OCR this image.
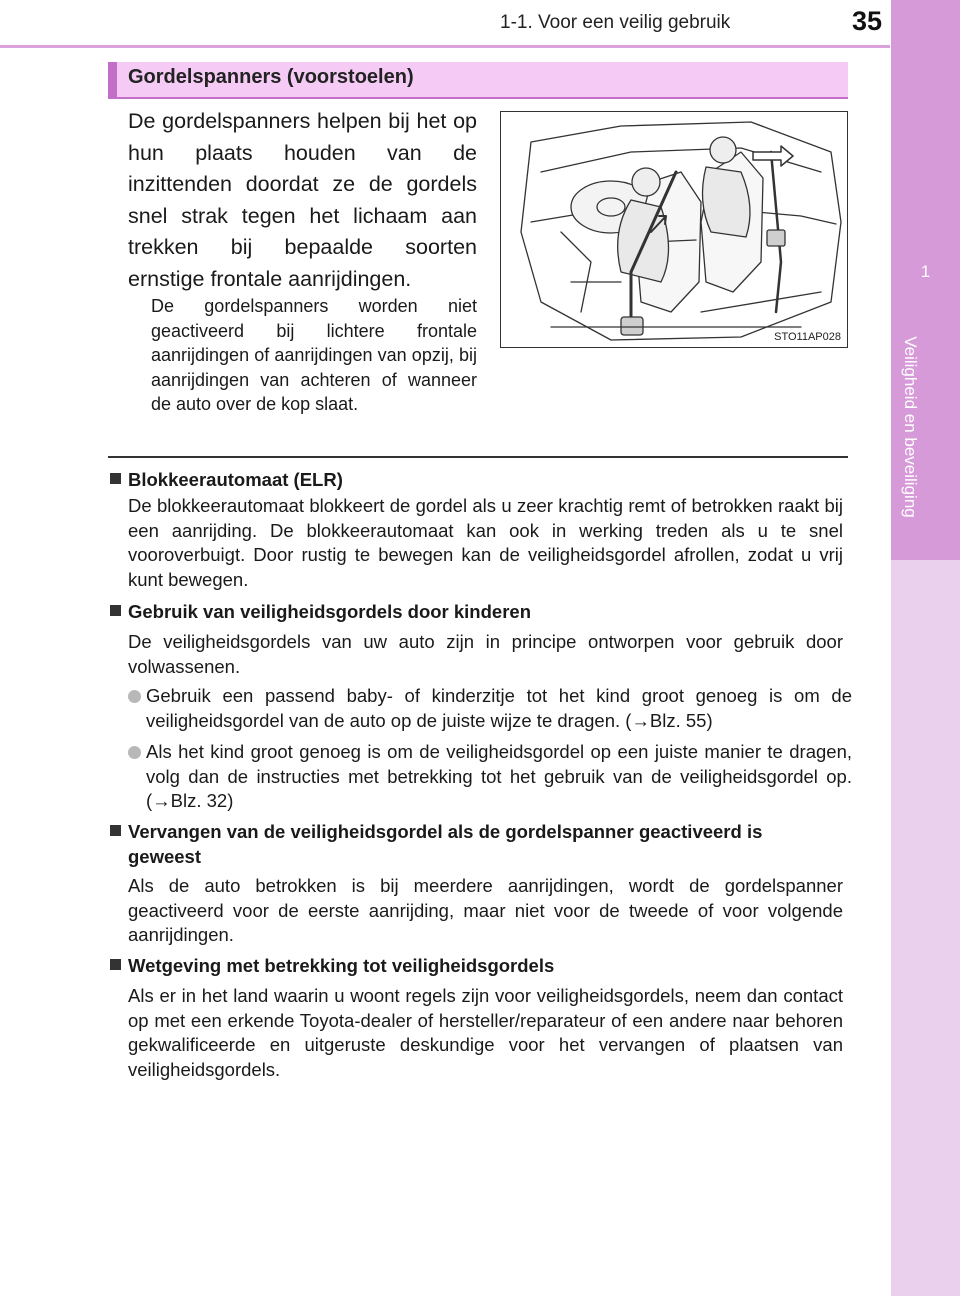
1-1. Voor een veilig gebruik	35
1
Veiligheid en beveiliging
Gordelspanners (voorstoelen)
De gordelspanners helpen bij het op hun plaats houden van de inzittenden doordat ze de gordels snel strak tegen het lichaam aan trekken bij bepaalde soorten ernstige frontale aanrijdingen.
De gordelspanners worden niet geactiveerd bij lichtere frontale aanrijdingen of aanrijdingen van opzij, bij aanrijdingen van achteren of wanneer de auto over de kop slaat.
STO11AP028
Blokkeerautomaat (ELR)
De blokkeerautomaat blokkeert de gordel als u zeer krachtig remt of betrokken raakt bij een aanrijding. De blokkeerautomaat kan ook in werking treden als u te snel vooroverbuigt. Door rustig te bewegen kan de veiligheidsgordel afrollen, zodat u vrij kunt bewegen.
Gebruik van veiligheidsgordels door kinderen
De veiligheidsgordels van uw auto zijn in principe ontworpen voor gebruik door volwassenen.
Gebruik een passend baby- of kinderzitje tot het kind groot genoeg is om de veiligheidsgordel van de auto op de juiste wijze te dragen. (→Blz. 55)
Als het kind groot genoeg is om de veiligheidsgordel op een juiste manier te dragen, volg dan de instructies met betrekking tot het gebruik van de veiligheidsgordel op. (→Blz. 32)
Vervangen van de veiligheidsgordel als de gordelspanner geactiveerd is geweest
Als de auto betrokken is bij meerdere aanrijdingen, wordt de gordelspanner geactiveerd voor de eerste aanrijding, maar niet voor de tweede of voor volgende aanrijdingen.
Wetgeving met betrekking tot veiligheidsgordels
Als er in het land waarin u woont regels zijn voor veiligheidsgordels, neem dan contact op met een erkende Toyota-dealer of hersteller/reparateur of een andere naar behoren gekwalificeerde en uitgeruste deskundige voor het vervangen of plaatsen van veiligheidsgordels.
